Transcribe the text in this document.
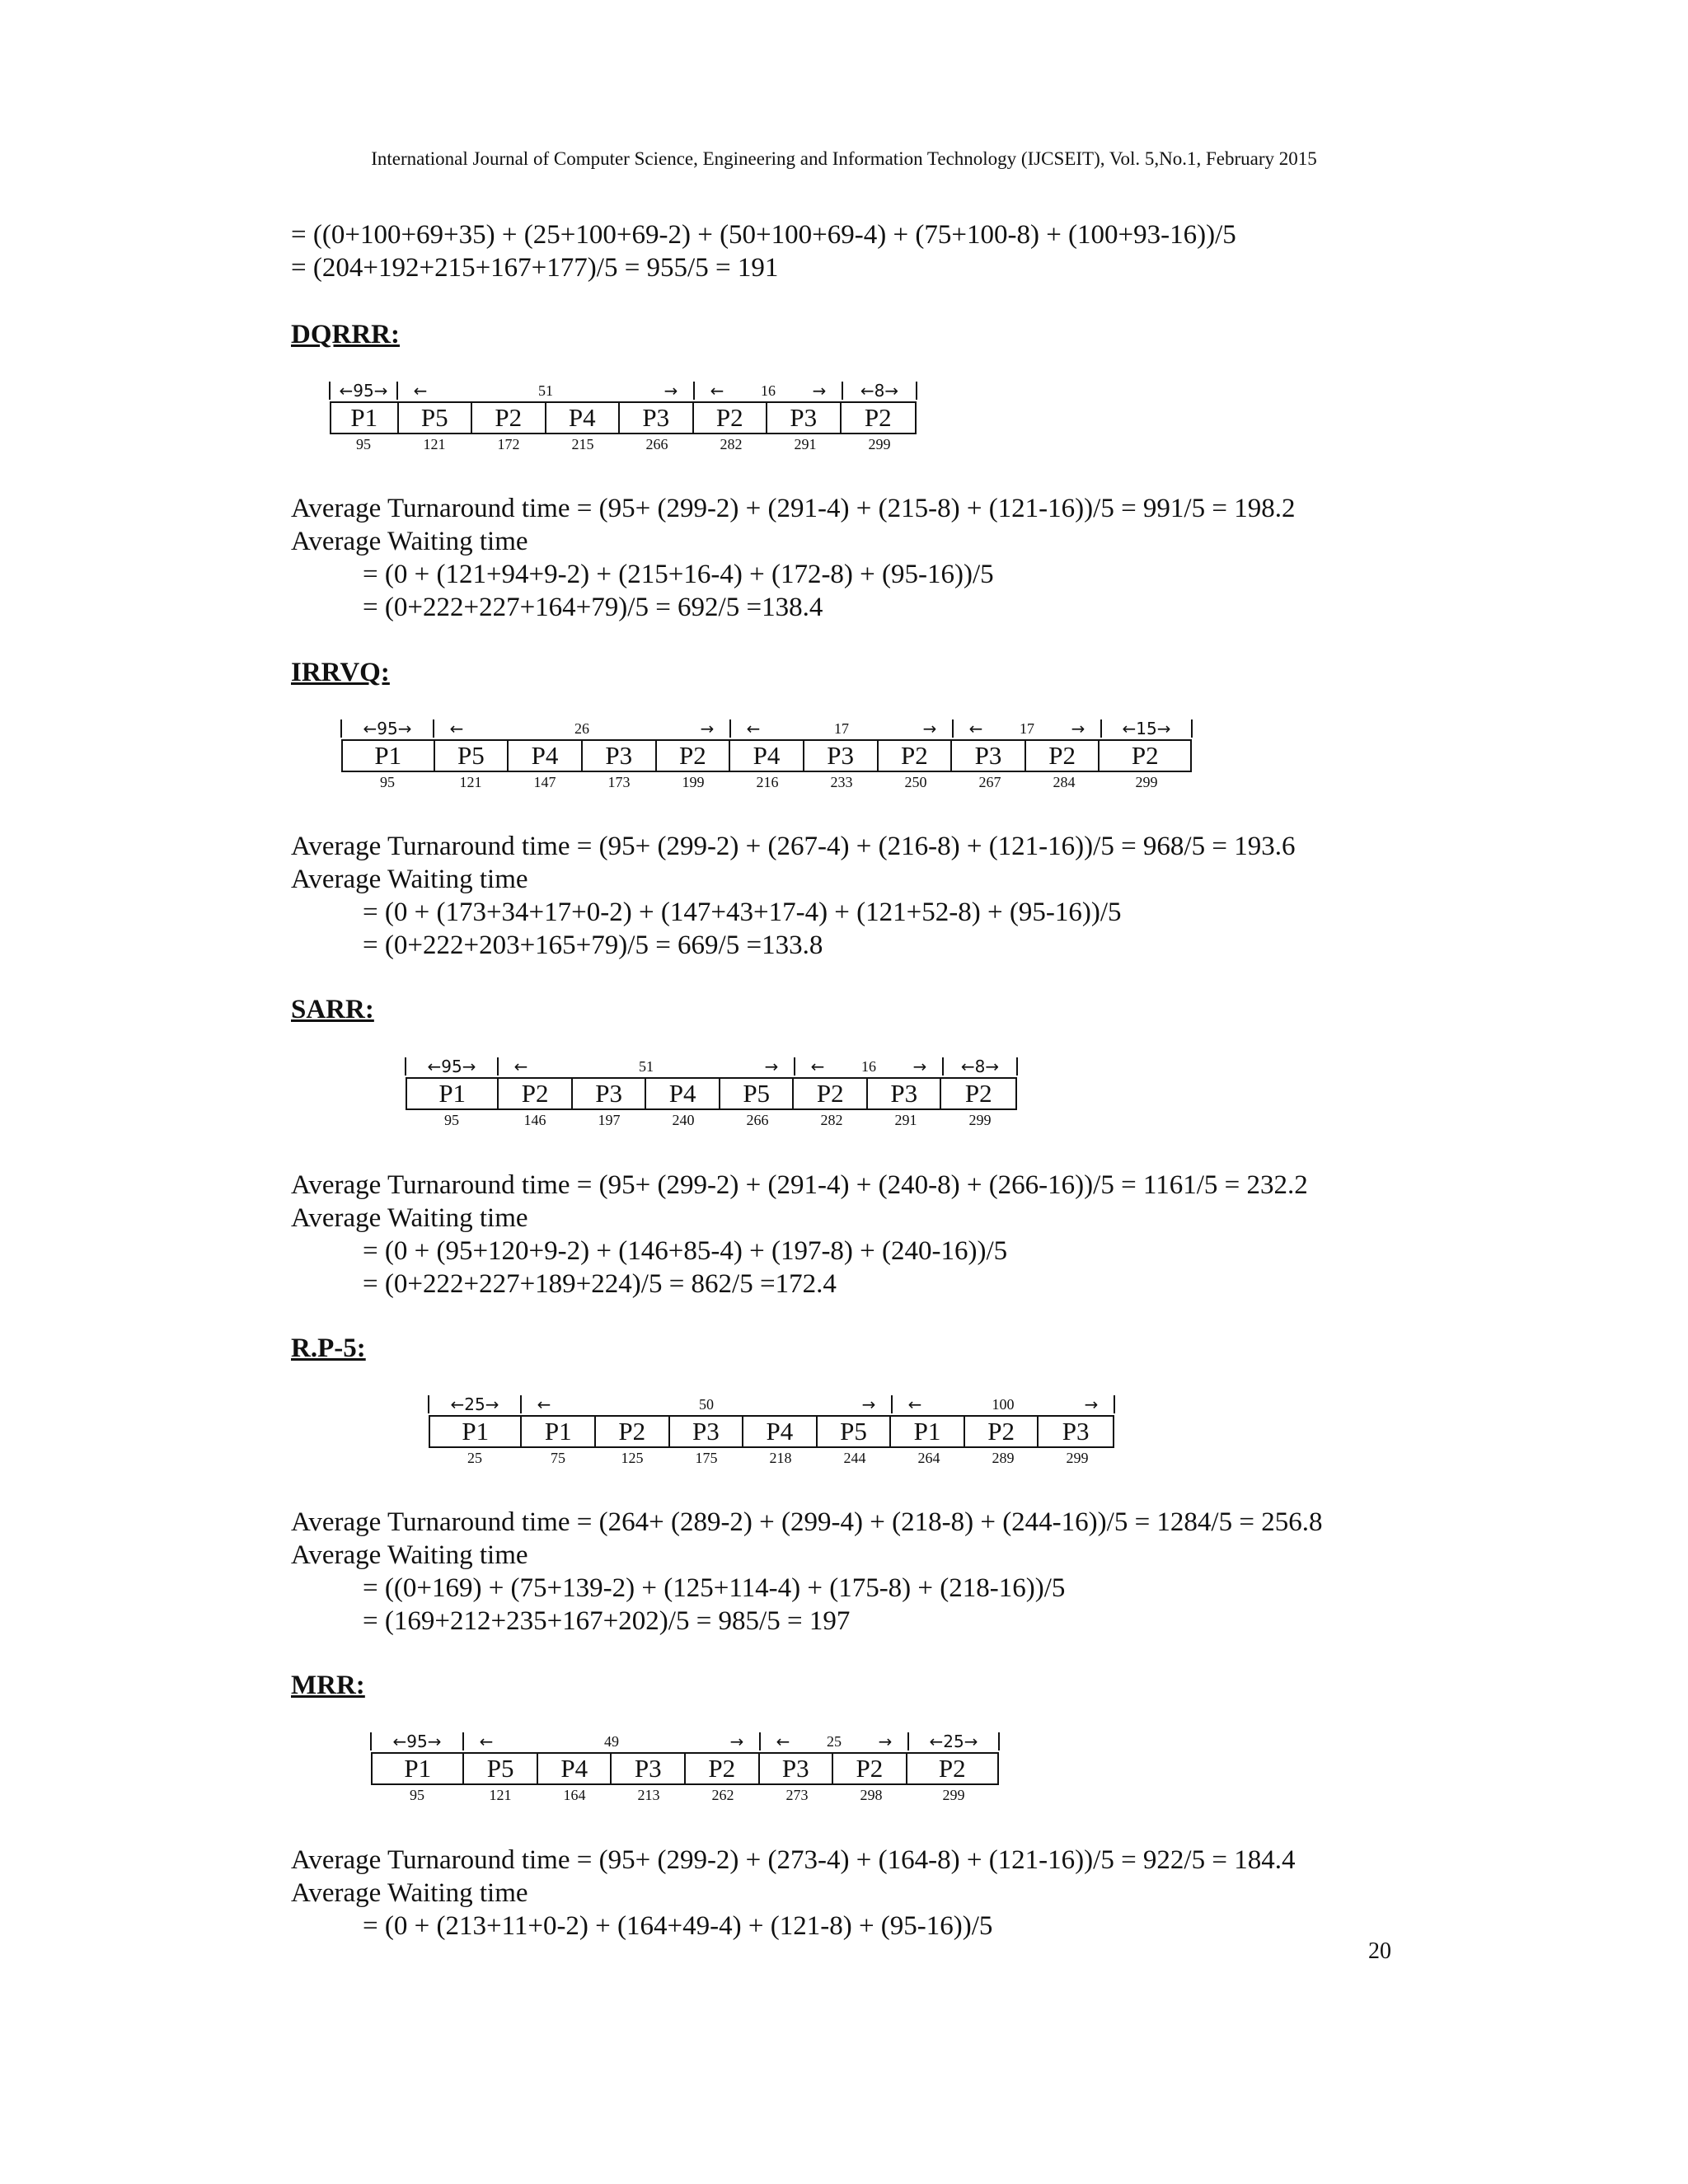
International Journal of Computer Science, Engineering and Information Technology (IJCSEIT), Vol. 5,No.1, February 2015
= ((0+100+69+35) + (25+100+69-2) + (50+100+69-4) + (75+100-8) + (100+93-16))/5
= (204+192+215+167+177)/5 = 955/5 = 191
DQRRR:
←95→ ←	51	→ ← 16 → ←8→
P1	P5	P2	P4	P3	P2	P3	P2
95	121	172	215	266	282	291	299
Average Turnaround time = (95+ (299-2) + (291-4) + (215-8) + (121-16))/5 = 991/5 = 198.2
Average Waiting time
= (0 + (121+94+9-2) + (215+16-4) + (172-8) + (95-16))/5
= (0+222+227+164+79)/5 = 692/5 =138.4
IRRVQ:
←95→ ←	26	→ ←	17	→ ← 17 → ←15→
P1	P5	P4	P3	P2	P4	P3	P2	P3	P2	P2
95	121	147	173	199	216	233	250	267	284	299
Average Turnaround time = (95+ (299-2) + (267-4) + (216-8) + (121-16))/5 = 968/5 = 193.6
Average Waiting time
= (0 + (173+34+17+0-2) + (147+43+17-4) + (121+52-8) + (95-16))/5
= (0+222+203+165+79)/5 = 669/5 =133.8
SARR:
←95→ ←	51	→ ← 16 → ←8→
P1	P2	P3	P4	P5	P2	P3	P2
95	146	197	240	266	282	291	299
Average Turnaround time = (95+ (299-2) + (291-4) + (240-8) + (266-16))/5 = 1161/5 = 232.2
Average Waiting time
= (0 + (95+120+9-2) + (146+85-4) + (197-8) + (240-16))/5
= (0+222+227+189+224)/5 = 862/5 =172.4
R.P-5:
←25→ ←	50	→ ←	100	→
P1	P1	P2	P3	P4	P5	P1	P2	P3
25	75	125	175	218	244	264	289	299
Average Turnaround time = (264+ (289-2) + (299-4) + (218-8) + (244-16))/5 = 1284/5 = 256.8
Average Waiting time
= ((0+169) + (75+139-2) + (125+114-4) + (175-8) + (218-16))/5
= (169+212+235+167+202)/5 = 985/5 = 197
MRR:
←95→ ←	49	→ ← 25 → ←25→
P1	P5	P4	P3	P2	P3	P2	P2
95	121	164	213	262	273	298	299
Average Turnaround time = (95+ (299-2) + (273-4) + (164-8) + (121-16))/5 = 922/5 = 184.4
Average Waiting time
= (0 + (213+11+0-2) + (164+49-4) + (121-8) + (95-16))/5
20
